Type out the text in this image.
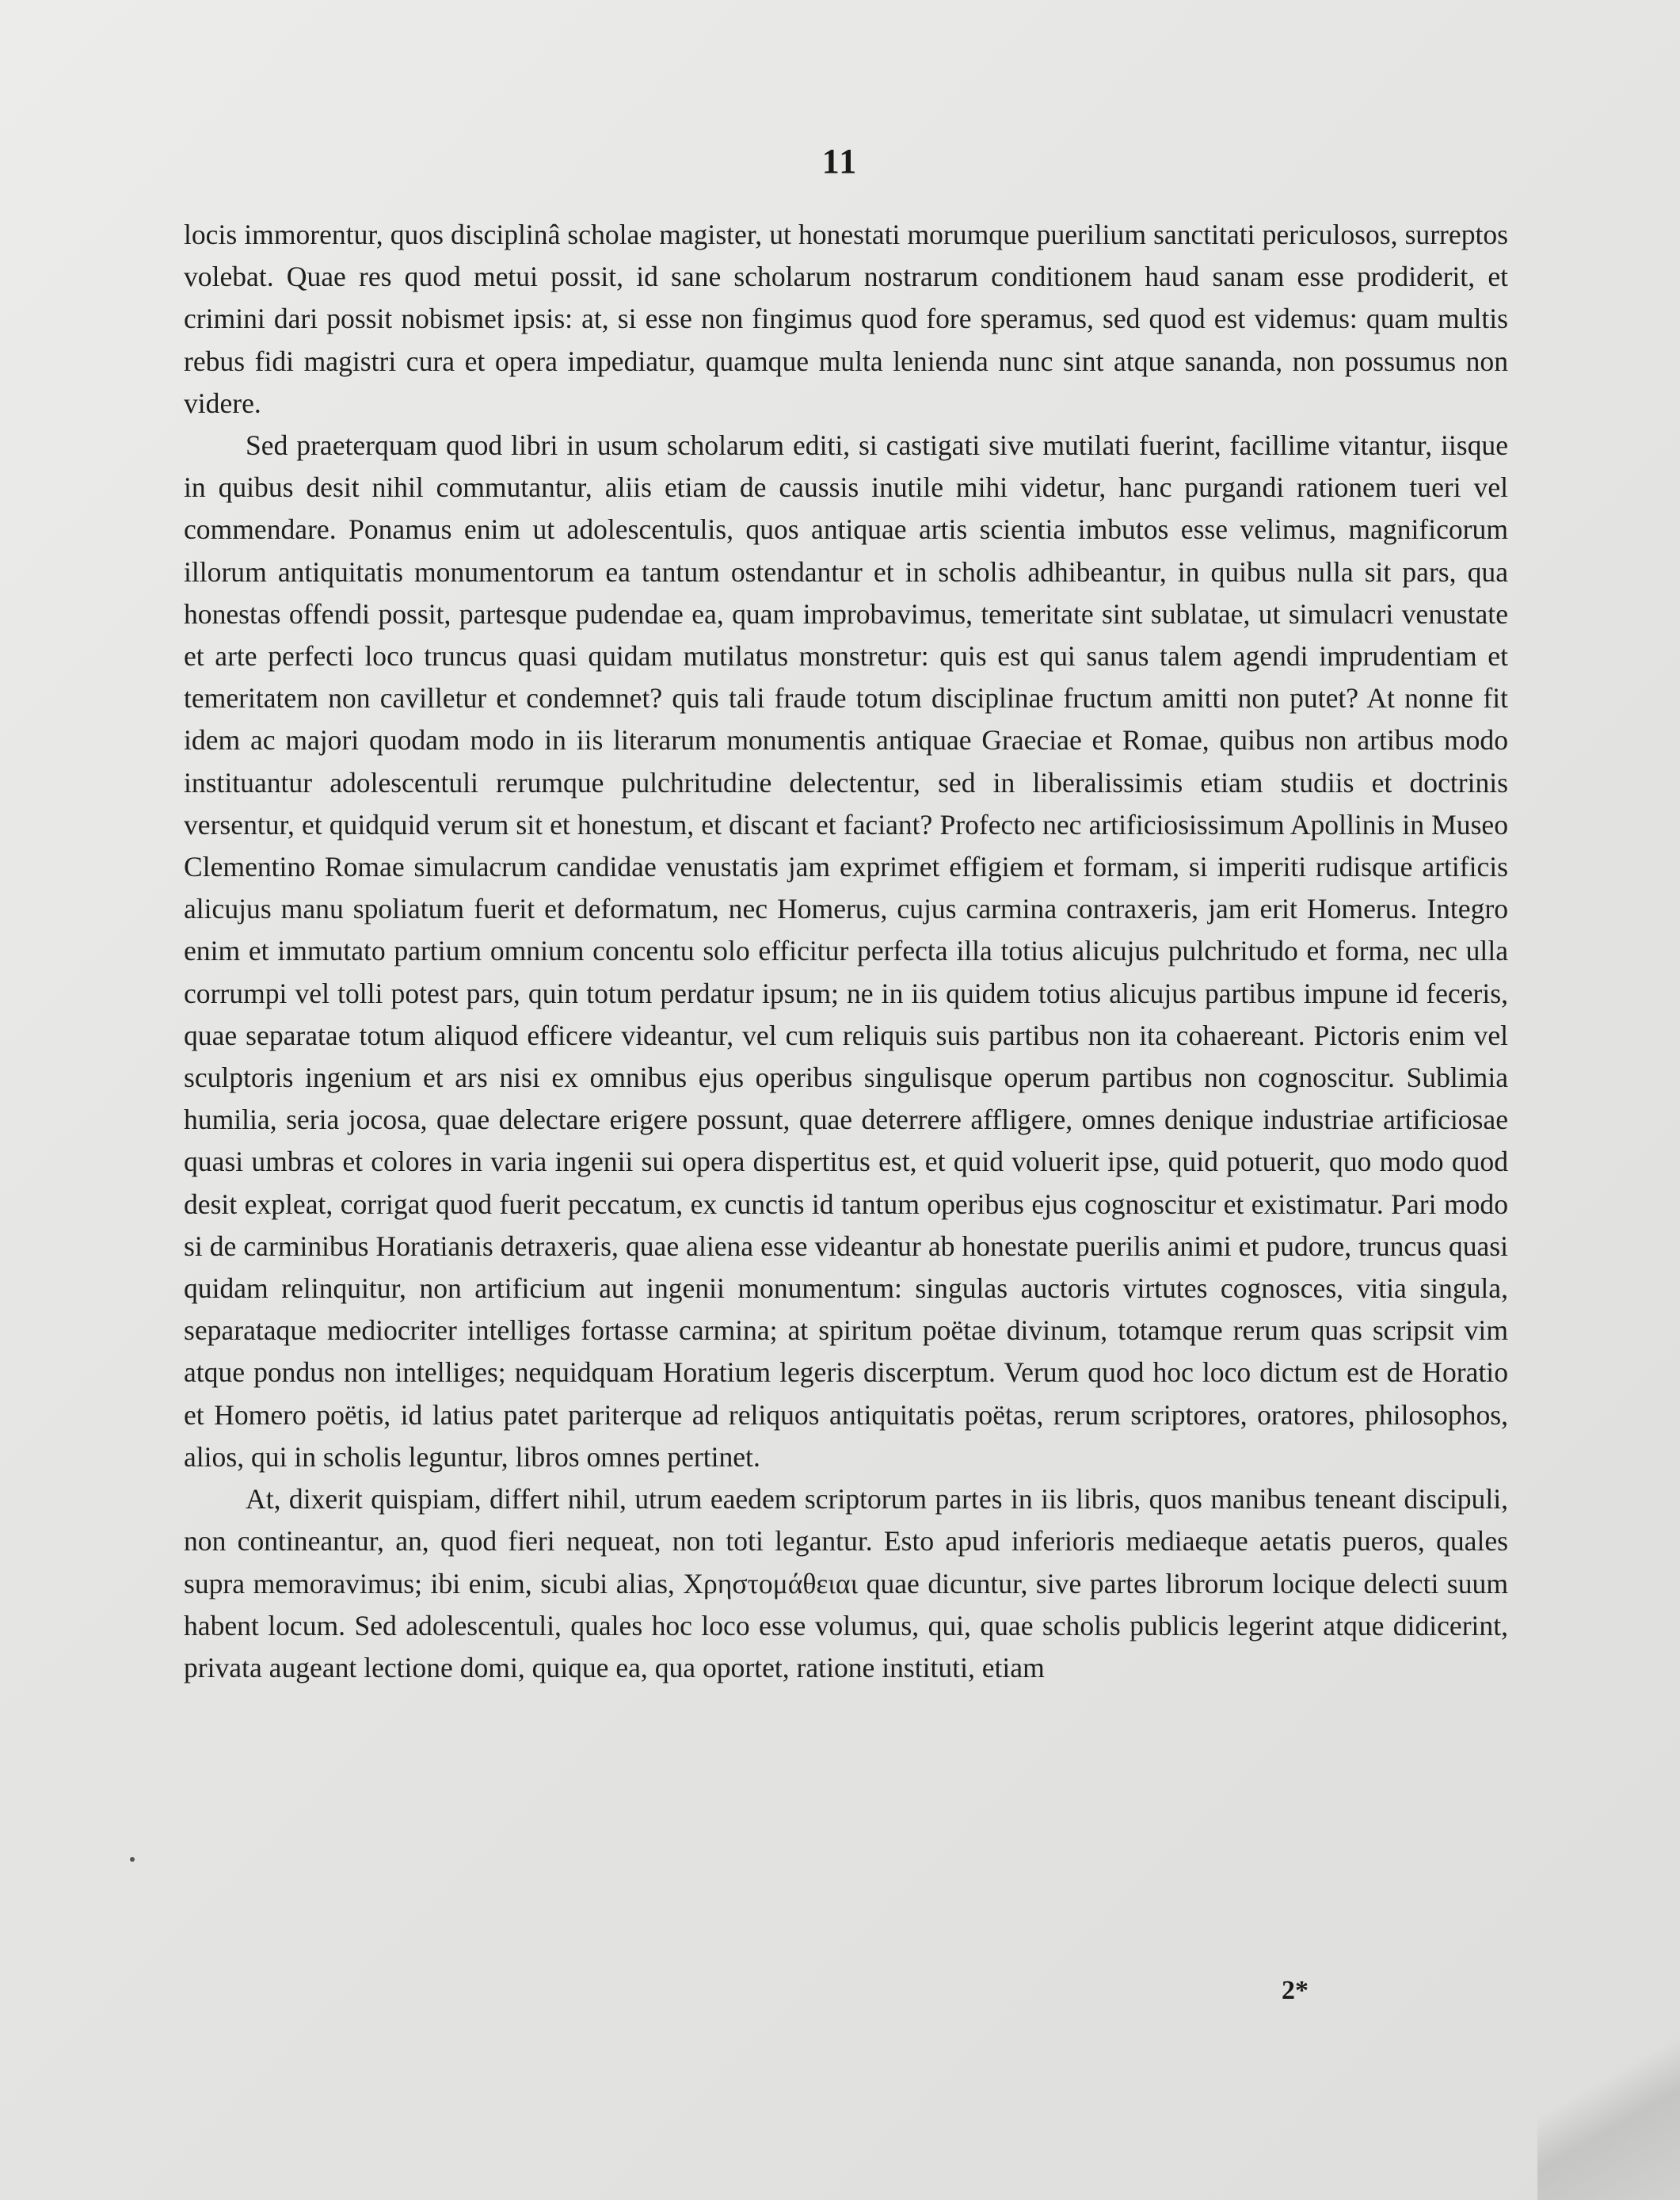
11

locis immorentur, quos disciplinâ scholae magister, ut honestati morumque puerilium sanctitati periculosos, surreptos volebat. Quae res quod metui possit, id sane scholarum nostrarum conditionem haud sanam esse prodiderit, et crimini dari possit nobismet ipsis: at, si esse non fingimus quod fore speramus, sed quod est videmus: quam multis rebus fidi magistri cura et opera impediatur, quamque multa lenienda nunc sint atque sananda, non possumus non videre.

Sed praeterquam quod libri in usum scholarum editi, si castigati sive mutilati fuerint, facillime vitantur, iisque in quibus desit nihil commutantur, aliis etiam de caussis inutile mihi videtur, hanc purgandi rationem tueri vel commendare. Ponamus enim ut adolescentulis, quos antiquae artis scientia imbutos esse velimus, magnificorum illorum antiquitatis monumentorum ea tantum ostendantur et in scholis adhibeantur, in quibus nulla sit pars, qua honestas offendi possit, partesque pudendae ea, quam improbavimus, temeritate sint sublatae, ut simulacri venustate et arte perfecti loco truncus quasi quidam mutilatus monstretur: quis est qui sanus talem agendi imprudentiam et temeritatem non cavilletur et condemnet? quis tali fraude totum disciplinae fructum amitti non putet? At nonne fit idem ac majori quodam modo in iis literarum monumentis antiquae Graeciae et Romae, quibus non artibus modo instituantur adolescentuli rerumque pulchritudine delectentur, sed in liberalissimis etiam studiis et doctrinis versentur, et quidquid verum sit et honestum, et discant et faciant? Profecto nec artificiosissimum Apollinis in Museo Clementino Romae simulacrum candidae venustatis jam exprimet effigiem et formam, si imperiti rudisque artificis alicujus manu spoliatum fuerit et deformatum, nec Homerus, cujus carmina contraxeris, jam erit Homerus. Integro enim et immutato partium omnium concentu solo efficitur perfecta illa totius alicujus pulchritudo et forma, nec ulla corrumpi vel tolli potest pars, quin totum perdatur ipsum; ne in iis quidem totius alicujus partibus impune id feceris, quae separatae totum aliquod efficere videantur, vel cum reliquis suis partibus non ita cohaereant. Pictoris enim vel sculptoris ingenium et ars nisi ex omnibus ejus operibus singulisque operum partibus non cognoscitur. Sublimia humilia, seria jocosa, quae delectare erigere possunt, quae deterrere affligere, omnes denique industriae artificiosae quasi umbras et colores in varia ingenii sui opera dispertitus est, et quid voluerit ipse, quid potuerit, quo modo quod desit expleat, corrigat quod fuerit peccatum, ex cunctis id tantum operibus ejus cognoscitur et existimatur. Pari modo si de carminibus Horatianis detraxeris, quae aliena esse videantur ab honestate puerilis animi et pudore, truncus quasi quidam relinquitur, non artificium aut ingenii monumentum: singulas auctoris virtutes cognosces, vitia singula, separataque mediocriter intelliges fortasse carmina; at spiritum poëtae divinum, totamque rerum quas scripsit vim atque pondus non intelliges; nequidquam Horatium legeris discerptum. Verum quod hoc loco dictum est de Horatio et Homero poëtis, id latius patet pariterque ad reliquos antiquitatis poëtas, rerum scriptores, oratores, philosophos, alios, qui in scholis leguntur, libros omnes pertinet.

At, dixerit quispiam, differt nihil, utrum eaedem scriptorum partes in iis libris, quos manibus teneant discipuli, non contineantur, an, quod fieri nequeat, non toti legantur. Esto apud inferioris mediaeque aetatis pueros, quales supra memoravimus; ibi enim, sicubi alias, Χρηστομάθειαι quae dicuntur, sive partes librorum locique delecti suum habent locum. Sed adolescentuli, quales hoc loco esse volumus, qui, quae scholis publicis legerint atque didicerint, privata augeant lectione domi, quique ea, qua oportet, ratione instituti, etiam

2*
